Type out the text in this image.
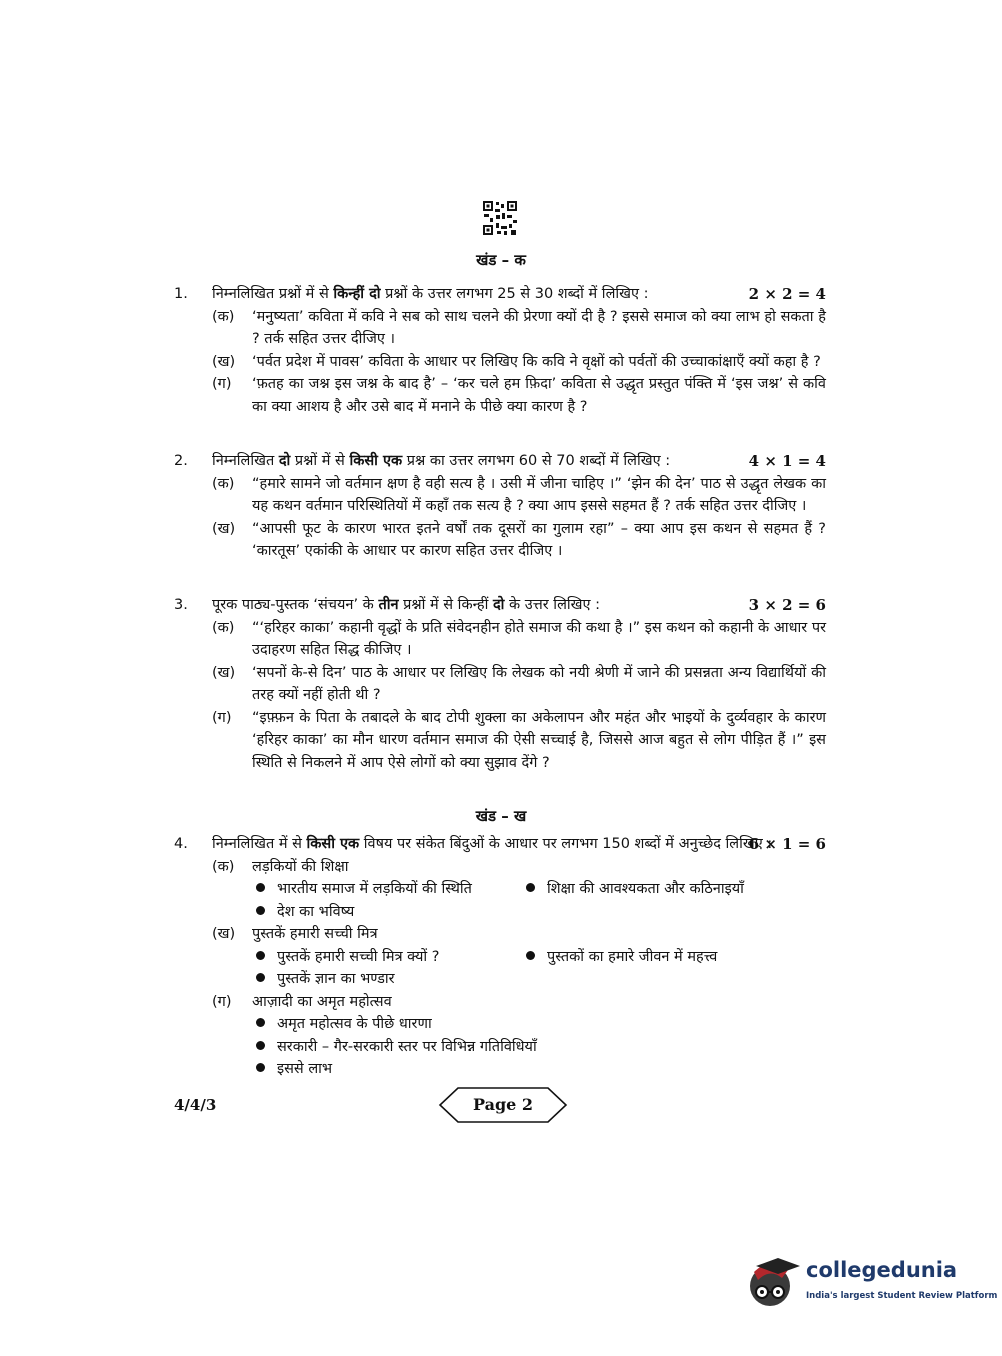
खंड – क
1.	निम्नलिखित प्रश्नों में से किन्हीं दो प्रश्नों के उत्तर लगभग 25 से 30 शब्दों में लिखिए :	2 × 2 = 4
(क) ‘मनुष्यता’ कविता में कवि ने सब को साथ चलने की प्रेरणा क्यों दी है ? इससे समाज को क्या लाभ हो सकता है ? तर्क सहित उत्तर दीजिए ।
(ख) ‘पर्वत प्रदेश में पावस’ कविता के आधार पर लिखिए कि कवि ने वृक्षों को पर्वतों की उच्चाकांक्षाएँ क्यों कहा है ?
(ग) ‘फ़तह का जश्न इस जश्न के बाद है’ – ‘कर चले हम फ़िदा’ कविता से उद्धृत प्रस्तुत पंक्ति में ‘इस जश्न’ से कवि का क्या आशय है और उसे बाद में मनाने के पीछे क्या कारण है ?
2.	निम्नलिखित दो प्रश्नों में से किसी एक प्रश्न का उत्तर लगभग 60 से 70 शब्दों में लिखिए :	4 × 1 = 4
(क) “हमारे सामने जो वर्तमान क्षण है वही सत्य है । उसी में जीना चाहिए ।” ‘झेन की देन’ पाठ से उद्धृत लेखक का यह कथन वर्तमान परिस्थितियों में कहाँ तक सत्य है ? क्या आप इससे सहमत हैं ? तर्क सहित उत्तर दीजिए ।
(ख) “आपसी फूट के कारण भारत इतने वर्षों तक दूसरों का गुलाम रहा” – क्या आप इस कथन से सहमत हैं ? ‘कारतूस’ एकांकी के आधार पर कारण सहित उत्तर दीजिए ।
3.	पूरक पाठ्य-पुस्तक ‘संचयन’ के तीन प्रश्नों में से किन्हीं दो के उत्तर लिखिए :	3 × 2 = 6
(क) “‘हरिहर काका’ कहानी वृद्धों के प्रति संवेदनहीन होते समाज की कथा है ।” इस कथन को कहानी के आधार पर उदाहरण सहित सिद्ध कीजिए ।
(ख) ‘सपनों के-से दिन’ पाठ के आधार पर लिखिए कि लेखक को नयी श्रेणी में जाने की प्रसन्नता अन्य विद्यार्थियों की तरह क्यों नहीं होती थी ?
(ग) “इफ़्फ़न के पिता के तबादले के बाद टोपी शुक्ला का अकेलापन और महंत और भाइयों के दुर्व्यवहार के कारण ‘हरिहर काका’ का मौन धारण वर्तमान समाज की ऐसी सच्चाई है, जिससे आज बहुत से लोग पीड़ित हैं ।” इस स्थिति से निकलने में आप ऐसे लोगों को क्या सुझाव देंगे ?
खंड – ख
4.	निम्नलिखित में से किसी एक विषय पर संकेत बिंदुओं के आधार पर लगभग 150 शब्दों में अनुच्छेद लिखिए :
6 × 1 = 6
(क) लड़कियों की शिक्षा
भारतीय समाज में लड़कियों की स्थिति	शिक्षा की आवश्यकता और कठिनाइयाँ
देश का भविष्य
(ख) पुस्तकें हमारी सच्ची मित्र
पुस्तकें हमारी सच्ची मित्र क्यों ?	पुस्तकों का हमारे जीवन में महत्त्व
पुस्तकें ज्ञान का भण्डार
(ग) आज़ादी का अमृत महोत्सव
अमृत महोत्सव के पीछे धारणा
सरकारी – गैर-सरकारी स्तर पर विभिन्न गतिविधियाँ
इससे लाभ
4/4/3	Page 2
collegedunia
India's largest Student Review Platform
